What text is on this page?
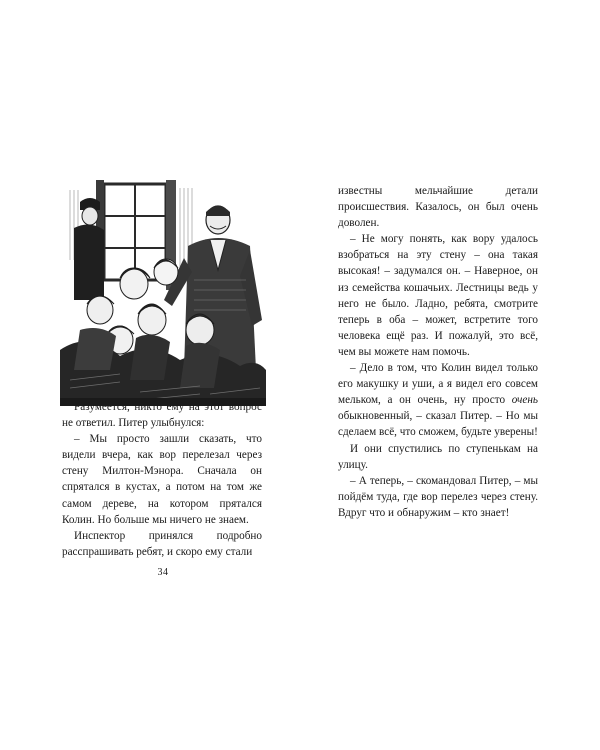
Разумеется, никто ему на этот вопрос не ответил. Питер улыбнулся:

– Мы просто зашли сказать, что видели вчера, как вор перелезал через стену Милтон-Мэнора. Сначала он спрятался в кустах, а потом на том же самом дереве, на котором прятался Колин. Но больше мы ничего не знаем.

Инспектор принялся подробно расспрашивать ребят, и скоро ему стали

известны мельчайшие детали происшествия. Казалось, он был очень доволен.

– Не могу понять, как вору удалось взобраться на эту стену – она такая высокая! – задумался он. – Наверное, он из семейства кошачьих. Лестницы ведь у него не было. Ладно, ребята, смотрите теперь в оба – может, встретите того человека ещё раз. И пожалуй, это всё, чем вы можете нам помочь.

– Дело в том, что Колин видел только его макушку и уши, а я видел его совсем мельком, а он очень, ну просто очень обыкновенный, – сказал Питер. – Но мы сделаем всё, что сможем, будьте уверены!

И они спустились по ступенькам на улицу.

– А теперь, – скомандовал Питер, – мы пойдём туда, где вор перелез через стену. Вдруг что и обнаружим – кто знает!

34
